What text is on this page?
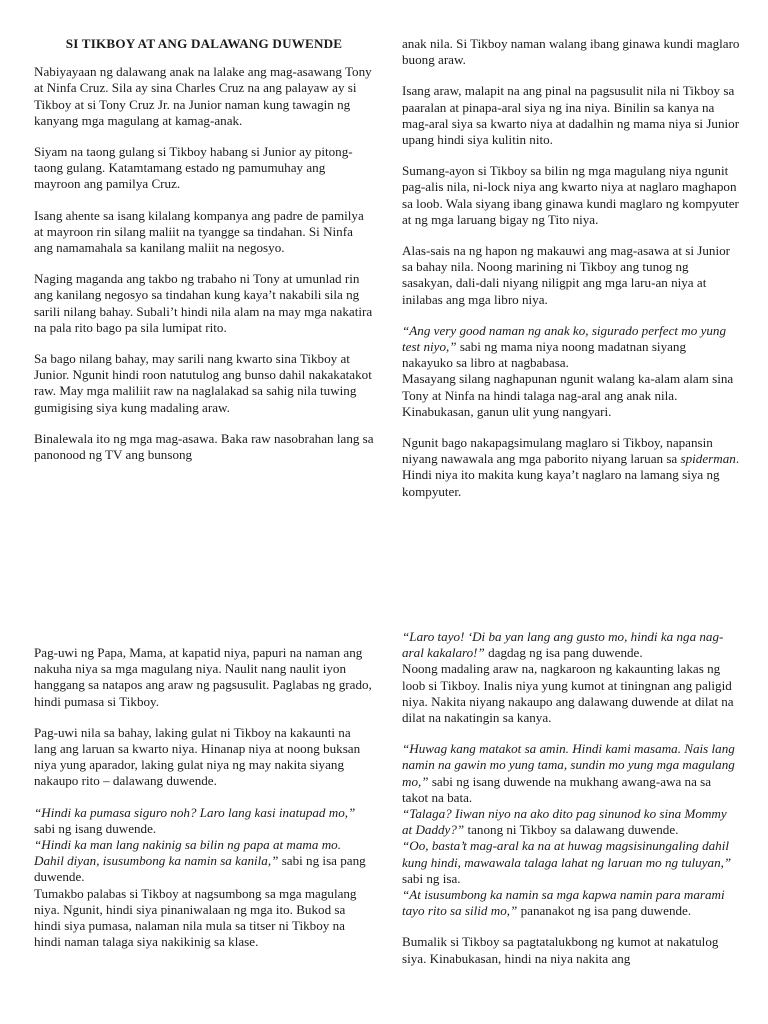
SI TIKBOY AT ANG DALAWANG DUWENDE

Nabiyayaan ng dalawang anak na lalake ang mag-asawang Tony at Ninfa Cruz. Sila ay sina Charles Cruz na ang palayaw ay si Tikboy at si Tony Cruz Jr. na Junior naman kung tawagin ng kanyang mga magulang at kamag-anak.

Siyam na taong gulang si Tikboy habang si Junior ay pitong-taong gulang. Katamtamang estado ng pamumuhay ang mayroon ang pamilya Cruz.

Isang ahente sa isang kilalang kompanya ang padre de pamilya at mayroon rin silang maliit na tyangge sa tindahan. Si Ninfa ang namamahala sa kanilang maliit na negosyo.

Naging maganda ang takbo ng trabaho ni Tony at umunlad rin ang kanilang negosyo sa tindahan kung kaya’t nakabili sila ng sarili nilang bahay. Subali’t hindi nila alam na may mga nakatira na pala rito bago pa sila lumipat rito.

Sa bago nilang bahay, may sarili nang kwarto sina Tikboy at Junior. Ngunit hindi roon natutulog ang bunso dahil nakakatakot raw. May mga maliliit raw na naglalakad sa sahig nila tuwing gumigising siya kung madaling araw.

Binalewala ito ng mga mag-asawa. Baka raw nasobrahan lang sa panonood ng TV ang bunsong

anak nila. Si Tikboy naman walang ibang ginawa kundi maglaro buong araw.

Isang araw, malapit na ang pinal na pagsusulit nila ni Tikboy sa paaralan at pinapa-aral siya ng ina niya. Binilin sa kanya na mag-aral siya sa kwarto niya at dadalhin ng mama niya si Junior upang hindi siya kulitin nito.

Sumang-ayon si Tikboy sa bilin ng mga magulang niya ngunit pag-alis nila, ni-lock niya ang kwarto niya at naglaro maghapon sa loob. Wala siyang ibang ginawa kundi maglaro ng kompyuter at ng mga laruang bigay ng Tito niya.

Alas-sais na ng hapon ng makauwi ang mag-asawa at si Junior sa bahay nila. Noong marining ni Tikboy ang tunog ng sasakyan, dali-dali niyang niligpit ang mga laru-an niya at inilabas ang mga libro niya.

“Ang very good naman ng anak ko, sigurado perfect mo yung test niyo,” sabi ng mama niya noong madatnan siyang nakayuko sa libro at nagbabasa.

Masayang silang naghapunan ngunit walang ka-alam alam sina Tony at Ninfa na hindi talaga nag-aral ang anak nila. Kinabukasan, ganun ulit yung nangyari.

Ngunit bago nakapagsimulang maglaro si Tikboy, napansin niyang nawawala ang mga paborito niyang laruan sa spiderman. Hindi niya ito makita kung kaya’t naglaro na lamang siya ng kompyuter.

Pag-uwi ng Papa, Mama, at kapatid niya, papuri na naman ang nakuha niya sa mga magulang niya. Naulit nang naulit iyon hanggang sa natapos ang araw ng pagsusulit. Paglabas ng grado, hindi pumasa si Tikboy.

Pag-uwi nila sa bahay, laking gulat ni Tikboy na kakaunti na lang ang laruan sa kwarto niya. Hinanap niya at noong buksan niya yung aparador, laking gulat niya ng may nakita siyang nakaupo rito – dalawang duwende.

“Hindi ka pumasa siguro noh? Laro lang kasi inatupad mo,” sabi ng isang duwende.

“Hindi ka man lang nakinig sa bilin ng papa at mama mo. Dahil diyan, isusumbong ka namin sa kanila,” sabi ng isa pang duwende.

Tumakbo palabas si Tikboy at nagsumbong sa mga magulang niya. Ngunit, hindi siya pinaniwalaan ng mga ito. Bukod sa hindi siya pumasa, nalaman nila mula sa titser ni Tikboy na hindi naman talaga siya nakikinig sa klase.

“Laro tayo! ‘Di ba yan lang ang gusto mo, hindi ka nga nag-aral kakalaro!” dagdag ng isa pang duwende.

Noong madaling araw na, nagkaroon ng kakaunting lakas ng loob si Tikboy. Inalis niya yung kumot at tiningnan ang paligid niya. Nakita niyang nakaupo ang dalawang duwende at dilat na dilat na nakatingin sa kanya.

“Huwag kang matakot sa amin. Hindi kami masama. Nais lang namin na gawin mo yung tama, sundin mo yung mga magulang mo,” sabi ng isang duwende na mukhang awang-awa na sa takot na bata.

“Talaga? Iiwan niyo na ako dito pag sinunod ko sina Mommy at Daddy?” tanong ni Tikboy sa dalawang duwende.

“Oo, basta’t mag-aral ka na at huwag magsisinungaling dahil kung hindi, mawawala talaga lahat ng laruan mo ng tuluyan,” sabi ng isa.

“At isusumbong ka namin sa mga kapwa namin para marami tayo rito sa silid mo,” pananakot ng isa pang duwende.

Bumalik si Tikboy sa pagtatalukbong ng kumot at nakatulog siya. Kinabukasan, hindi na niya nakita ang
